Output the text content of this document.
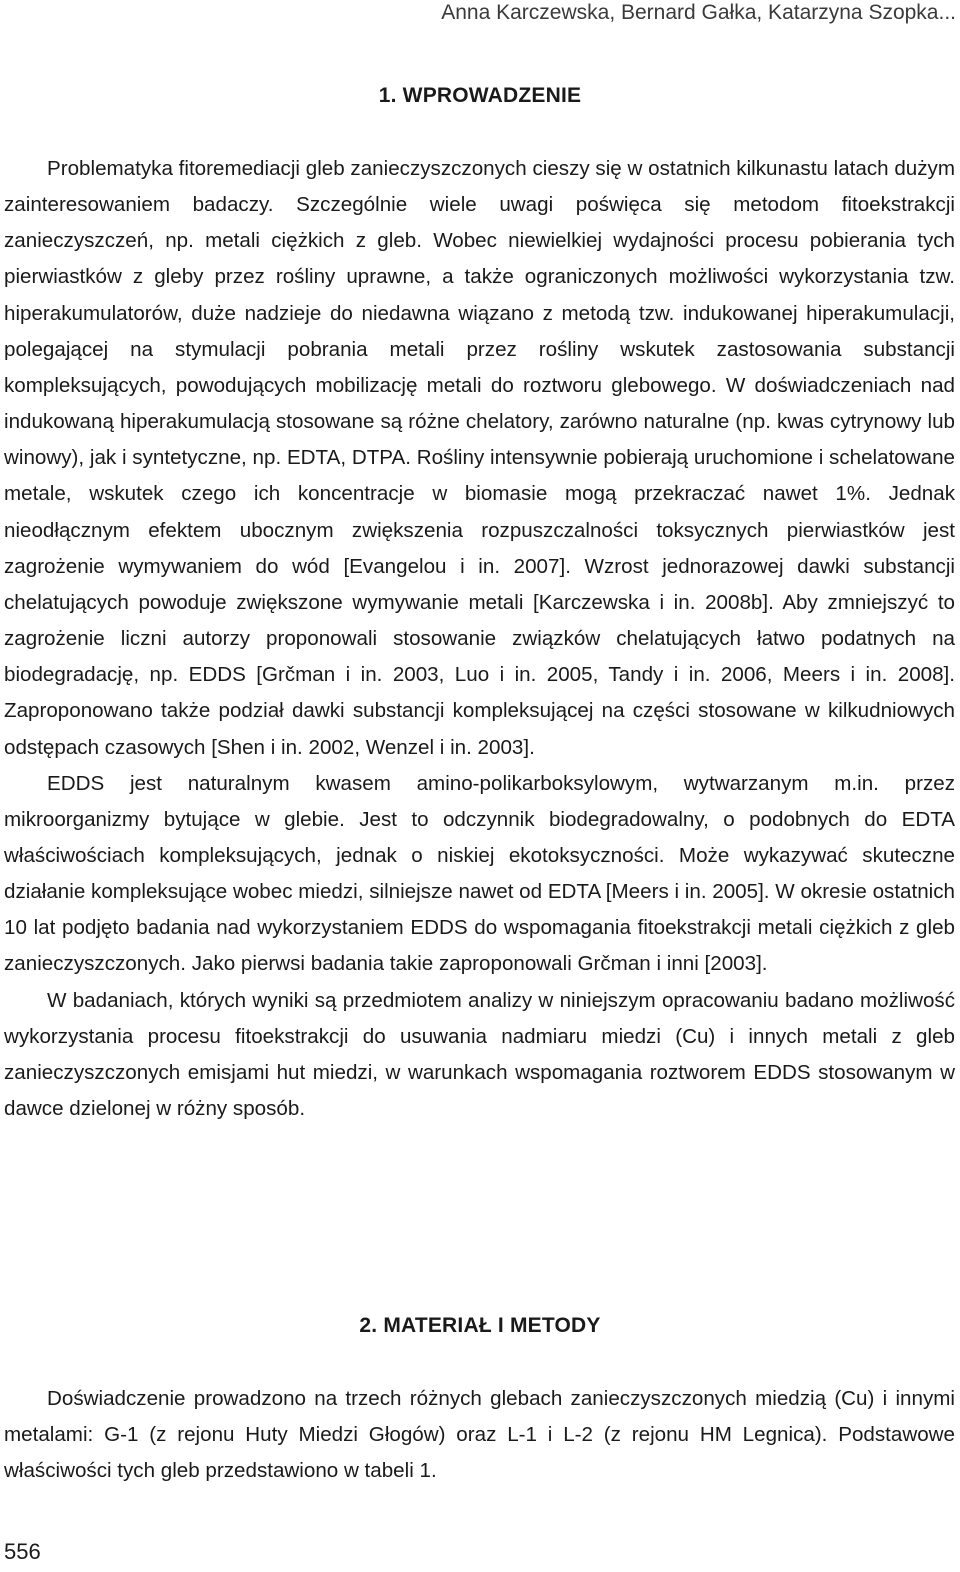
Anna Karczewska, Bernard Gałka, Katarzyna Szopka...
1. WPROWADZENIE

Problematyka fitoremediacji gleb zanieczyszczonych cieszy się w ostatnich kilkunastu latach dużym zainteresowaniem badaczy. Szczególnie wiele uwagi poświęca się metodom fitoekstrakcji zanieczyszczeń, np. metali ciężkich z gleb. Wobec niewielkiej wydajności procesu pobierania tych pierwiastków z gleby przez rośliny uprawne, a także ograniczonych możliwości wykorzystania tzw. hiperakumulatorów, duże nadzieje do niedawna wiązano z metodą tzw. indukowanej hiperakumulacji, polegającej na stymulacji pobrania metali przez rośliny wskutek zastosowania substancji kompleksujących, powodujących mobilizację metali do roztworu glebowego. W doświadczeniach nad indukowaną hiperakumulacją stosowane są różne chelatory, zarówno naturalne (np. kwas cytrynowy lub winowy), jak i syntetyczne, np. EDTA, DTPA. Rośliny intensywnie pobierają uruchomione i schelatowane metale, wskutek czego ich koncentracje w biomasie mogą przekraczać nawet 1%. Jednak nieodłącznym efektem ubocznym zwiększenia rozpuszczalności toksycznych pierwiastków jest zagrożenie wymywaniem do wód [Evangelou i in. 2007]. Wzrost jednorazowej dawki substancji chelatujących powoduje zwiększone wymywanie metali [Karczewska i in. 2008b]. Aby zmniejszyć to zagrożenie liczni autorzy proponowali stosowanie związków chelatujących łatwo podatnych na biodegradację, np. EDDS [Grčman i in. 2003, Luo i in. 2005, Tandy i in. 2006, Meers i in. 2008]. Zaproponowano także podział dawki substancji kompleksującej na części stosowane w kilkudniowych odstępach czasowych [Shen i in. 2002, Wenzel i in. 2003].

EDDS jest naturalnym kwasem amino-polikarboksylowym, wytwarzanym m.in. przez mikroorganizmy bytujące w glebie. Jest to odczynnik biodegradowalny, o podobnych do EDTA właściwościach kompleksujących, jednak o niskiej ekotoksyczności. Może wykazywać skuteczne działanie kompleksujące wobec miedzi, silniejsze nawet od EDTA [Meers i in. 2005]. W okresie ostatnich 10 lat podjęto badania nad wykorzystaniem EDDS do wspomagania fitoekstrakcji metali ciężkich z gleb zanieczyszczonych. Jako pierwsi badania takie zaproponowali Grčman i inni [2003].

W badaniach, których wyniki są przedmiotem analizy w niniejszym opracowaniu badano możliwość wykorzystania procesu fitoekstrakcji do usuwania nadmiaru miedzi (Cu) i innych metali z gleb zanieczyszczonych emisjami hut miedzi, w warunkach wspomagania roztworem EDDS stosowanym w dawce dzielonej w różny sposób.

2. MATERIAŁ I METODY

Doświadczenie prowadzono na trzech różnych glebach zanieczyszczonych miedzią (Cu) i innymi metalami: G-1 (z rejonu Huty Miedzi Głogów) oraz L-1 i L-2 (z rejonu HM Legnica). Podstawowe właściwości tych gleb przedstawiono w tabeli 1.

556
